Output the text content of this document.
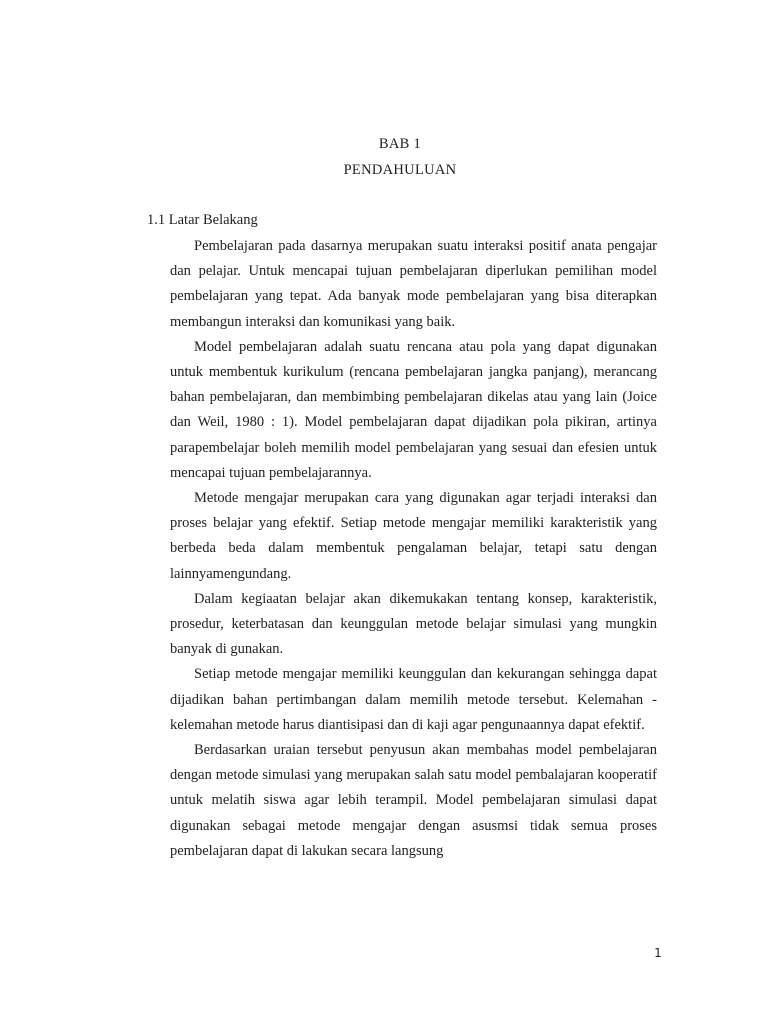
BAB 1
PENDAHULUAN
1.1 Latar Belakang

Pembelajaran pada dasarnya merupakan suatu interaksi positif anata pengajar dan pelajar. Untuk mencapai tujuan pembelajaran diperlukan pemilihan model pembelajaran yang tepat. Ada banyak mode pembelajaran yang bisa diterapkan membangun interaksi dan komunikasi yang baik.

Model pembelajaran adalah suatu rencana atau pola yang dapat digunakan untuk membentuk kurikulum (rencana pembelajaran jangka panjang), merancang bahan pembelajaran, dan membimbing pembelajaran dikelas atau yang lain (Joice dan Weil, 1980 : 1). Model pembelajaran dapat dijadikan pola pikiran, artinya parapembelajar boleh memilih model pembelajaran yang sesuai dan efesien untuk mencapai tujuan pembelajarannya.

Metode mengajar merupakan cara yang digunakan agar terjadi interaksi dan proses belajar yang efektif. Setiap metode mengajar memiliki karakteristik yang berbeda beda dalam membentuk pengalaman belajar, tetapi satu dengan lainnyamengundang.

Dalam kegiaatan belajar akan dikemukakan tentang konsep, karakteristik, prosedur, keterbatasan dan keunggulan metode belajar simulasi yang mungkin banyak di gunakan.

Setiap metode mengajar memiliki keunggulan dan kekurangan sehingga dapat dijadikan bahan pertimbangan dalam memilih metode tersebut. Kelemahan - kelemahan metode harus diantisipasi dan di kaji agar pengunaannya dapat efektif.

Berdasarkan uraian tersebut penyusun akan membahas model pembelajaran dengan metode simulasi yang merupakan salah satu model pembalajaran kooperatif untuk melatih siswa agar lebih terampil. Model pembelajaran simulasi dapat digunakan sebagai metode mengajar dengan asusmsi tidak semua proses pembelajaran dapat di lakukan secara langsung

1
